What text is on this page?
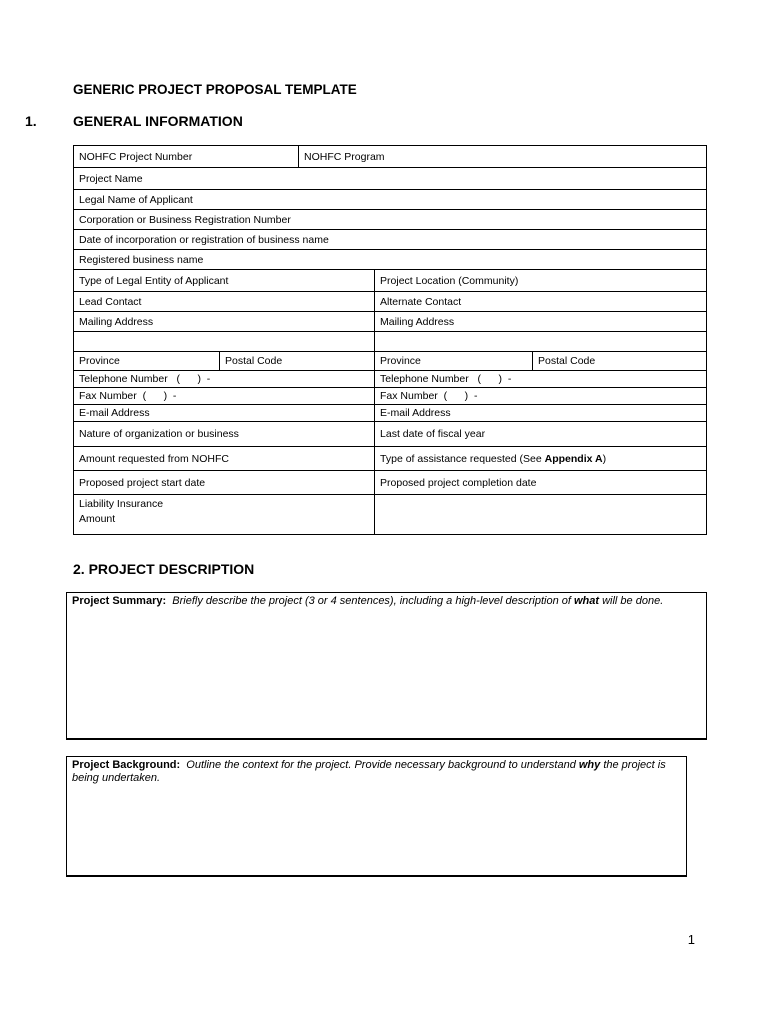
GENERIC PROJECT PROPOSAL TEMPLATE
1.	GENERAL INFORMATION
NOHFC Project Number		NOHFC Program		
Project Name				
Legal Name of Applicant				
Corporation or Business Registration Number				
Date of incorporation or registration of business name				
Registered business name				
Type of Legal Entity of Applicant			Project Location (Community)	
Lead Contact			Alternate Contact	
Mailing Address			Mailing Address	

Province	Postal Code		Province	Postal Code
Telephone Number   (      )  -			Telephone Number   (      )  -	
Fax Number  (      )  -			Fax Number  (      )  -	
E-mail Address			E-mail Address	
Nature of organization or business			Last date of fiscal year	
Amount requested from NOHFC			Type of assistance requested (See Appendix A)	
Proposed project start date			Proposed project completion date	

Liability Insurance
Amount				

2. PROJECT DESCRIPTION
Project Summary:  Briefly describe the project (3 or 4 sentences), including a high-level description of what will be done.
Project Background:  Outline the context for the project. Provide necessary background to understand why the project is being undertaken.
1
